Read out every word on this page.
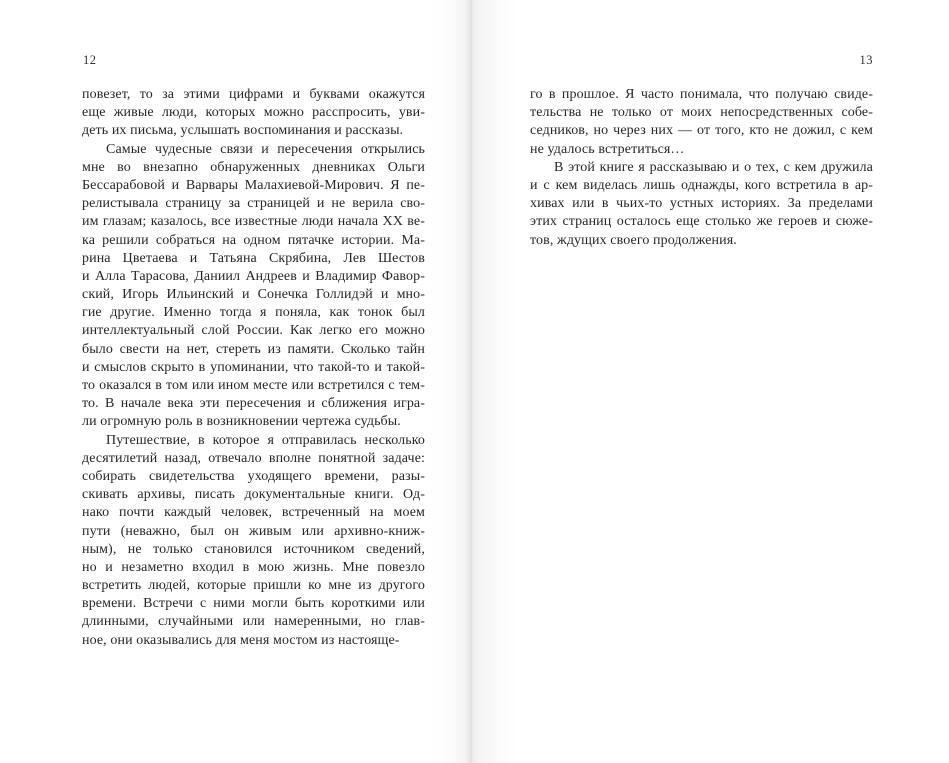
12
повезет, то за этими цифрами и буквами окажутся
еще живые люди, которых можно расспросить, уви-
деть их письма, услышать воспоминания и рассказы.
Самые чудесные связи и пересечения открылись
мне во внезапно обнаруженных дневниках Ольги
Бессарабовой и Варвары Малахиевой-Мирович. Я пе-
релистывала страницу за страницей и не верила сво-
им глазам; казалось, все известные люди начала XX ве-
ка решили собраться на одном пятачке истории. Ма-
рина Цветаева и Татьяна Скрябина, Лев Шестов
и Алла Тарасова, Даниил Андреев и Владимир Фавор-
ский, Игорь Ильинский и Сонечка Голлидэй и мно-
гие другие. Именно тогда я поняла, как тонок был
интеллектуальный слой России. Как легко его можно
было свести на нет, стереть из памяти. Сколько тайн
и смыслов скрыто в упоминании, что такой-то и такой-
то оказался в том или ином месте или встретился с тем-
то. В начале века эти пересечения и сближения игра-
ли огромную роль в возникновении чертежа судьбы.
Путешествие, в которое я отправилась несколько
десятилетий назад, отвечало вполне понятной задаче:
собирать свидетельства уходящего времени, разы-
скивать архивы, писать документальные книги. Од-
нако почти каждый человек, встреченный на моем
пути (неважно, был он живым или архивно-книж-
ным), не только становился источником сведений,
но и незаметно входил в мою жизнь. Мне повезло
встретить людей, которые пришли ко мне из другого
времени. Встречи с ними могли быть короткими или
длинными, случайными или намеренными, но глав-
ное, они оказывались для меня мостом из настояще-
13
го в прошлое. Я часто понимала, что получаю свиде-
тельства не только от моих непосредственных собе-
седников, но через них — от того, кто не дожил, с кем
не удалось встретиться…
В этой книге я рассказываю и о тех, с кем дружила
и с кем виделась лишь однажды, кого встретила в ар-
хивах или в чьих-то устных историях. За пределами
этих страниц осталось еще столько же героев и сюже-
тов, ждущих своего продолжения.
